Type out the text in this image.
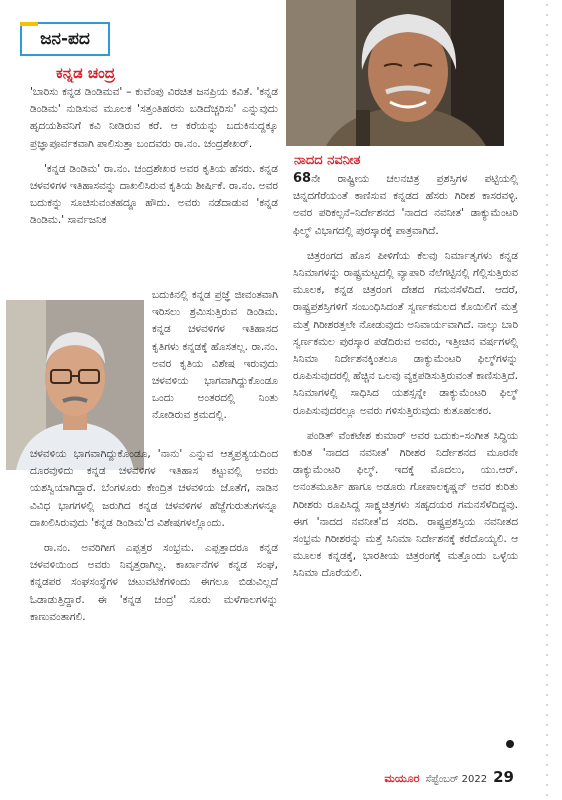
ಜನ-ಪದ
ಕನ್ನಡ ಚಂದ್ರ

'ಬಾರಿಸು ಕನ್ನಡ ಡಿಂಡಿಮವ' – ಕುವೆಂಪು ವಿರಚಿತ ಜನಪ್ರಿಯ ಕವಿತೆ. 'ಕನ್ನಡ ಡಿಂಡಿಮ' ನುಡಿಸುವ ಮೂಲಕ 'ಸತ್ತಂತಿಹರನು ಬಡಿದೆಚ್ಚರಿಸು' ಎನ್ನುವುದು ಹೃದಯಶಿವನಿಗೆ ಕವಿ ನೀಡಿರುವ ಕರೆ. ಆ ಕರೆಯನ್ನು ಬದುಕಿನುದ್ದಕ್ಕೂ ಪ್ರಜ್ಞಾಪೂರ್ವಕವಾಗಿ ಪಾಲಿಸುತ್ತಾ ಬಂದವರು ರಾ.ನಂ. ಚಂದ್ರಶೇಖರ್.

'ಕನ್ನಡ ಡಿಂಡಿಮ' ರಾ.ನಂ. ಚಂದ್ರಶೇಖರ ಅವರ ಕೃತಿಯ ಹೆಸರು. ಕನ್ನಡ ಚಳವಳಿಗಳ ಇತಿಹಾಸವನ್ನು ದಾಖಲಿಸಿರುವ ಕೃತಿಯ ಶೀರ್ಷಿಕೆ. ರಾ.ನಂ. ಅವರ ಬದುಕನ್ನು ಸೂಚಿಸುವಂತಹದ್ದೂ ಹೌದು. ಅವರು ನಡೆದಾಡುವ 'ಕನ್ನಡ ಡಿಂಡಿಮ.' ಸಾರ್ವಜನಿಕ

ಬದುಕಿನಲ್ಲಿ ಕನ್ನಡ ಪ್ರಜ್ಞೆ ಜೀವಂತವಾಗಿ ಇರಿಸಲು ಶ್ರಮಿಸುತ್ತಿರುವ ಡಿಂಡಿಮ. ಕನ್ನಡ ಚಳವಳಿಗಳ ಇತಿಹಾಸದ ಕೃತಿಗಳು ಕನ್ನಡಕ್ಕೆ ಹೊಸತಲ್ಲ. ರಾ.ನಂ. ಅವರ ಕೃತಿಯ ವಿಶೇಷ ಇರುವುದು ಚಳವಳಿಯ ಭಾಗವಾಗಿದ್ದುಕೊಂಡೂ ಒಂದು ಅಂತರದಲ್ಲಿ ನಿಂತು ನೋಡಿರುವ ಕ್ರಮದಲ್ಲಿ.

ಚಳವಳಿಯ ಭಾಗವಾಗಿದ್ದುಕೊಂಡೂ, 'ನಾನು' ಎನ್ನುವ ಆತ್ಮಪ್ರತ್ಯಯದಿಂದ ದೂರವುಳಿದು ಕನ್ನಡ ಚಳವಳಿಗಳ ಇತಿಹಾಸ ಕಟ್ಟುವಲ್ಲಿ ಅವರು ಯಶಸ್ವಿಯಾಗಿದ್ದಾರೆ. ಬೆಂಗಳೂರು ಕೇಂದ್ರಿತ ಚಳವಳಿಯ ಜೊತೆಗೆ, ನಾಡಿನ ವಿವಿಧ ಭಾಗಗಳಲ್ಲಿ ಜರುಗಿದ ಕನ್ನಡ ಚಳವಳಿಗಳ ಹೆಜ್ಜೆಗುರುತುಗಳನ್ನೂ ದಾಖಲಿಸಿರುವುದು 'ಕನ್ನಡ ಡಿಂಡಿಮ'ದ ವಿಶೇಷಗಳಲ್ಲೊಂದು.

ರಾ.ನಂ. ಅವರಿಗೀಗ ಎಪ್ಪತ್ತರ ಸಂಭ್ರಮ. ಎಪ್ಪತ್ತಾದರೂ ಕನ್ನಡ ಚಳವಳಿಯಿಂದ ಅವರು ನಿವೃತ್ತರಾಗಿಲ್ಲ. ಕಾರ್ಖಾನೆಗಳ ಕನ್ನಡ ಸಂಘ, ಕನ್ನಡಪರ ಸಂಘಸಂಸ್ಥೆಗಳ ಚಟುವಟಿಕೆಗಳಿಂದು ಈಗಲೂ ಬಿಡುವಿಲ್ಲದೆ ಓಡಾಡುತ್ತಿದ್ದಾರೆ. ಈ 'ಕನ್ನಡ ಚಂದ್ರ' ನೂರು ಮಳೆಗಾಲಗಳನ್ನು ಕಾಣುವಂತಾಗಲಿ.

ನಾದದ ನವನೀತ

68ನೇ ರಾಷ್ಟ್ರೀಯ ಚಲನಚಿತ್ರ ಪ್ರಶಸ್ತಿಗಳ ಪಟ್ಟಿಯಲ್ಲಿ ಚಿನ್ನದಗೆರೆಯಂತೆ ಕಾಣಿಸುವ ಕನ್ನಡದ ಹೆಸರು ಗಿರೀಶ ಕಾಸರವಳ್ಳಿ. ಅವರ ಪರಿಕಲ್ಪನೆ–ನಿರ್ದೇಶನದ 'ನಾದದ ನವನೀತ' ಡಾಕ್ಯುಮೆಂಟರಿ ಫಿಲ್ಮ್ ವಿಭಾಗದಲ್ಲಿ ಪುರಸ್ಕಾರಕ್ಕೆ ಪಾತ್ರವಾಗಿದೆ.

ಚಿತ್ರರಂಗದ ಹೊಸ ಪೀಳಿಗೆಯ ಕೆಲವು ನಿರ್ಮಾತೃಗಳು ಕನ್ನಡ ಸಿನಿಮಾಗಳನ್ನು ರಾಷ್ಟ್ರಮಟ್ಟದಲ್ಲಿ ವ್ಯಾಪಾರಿ ನೆಲೆಗಟ್ಟಿನಲ್ಲಿ ಗೆಲ್ಲಿಸುತ್ತಿರುವ ಮೂಲಕ, ಕನ್ನಡ ಚಿತ್ರರಂಗ ದೇಶದ ಗಮನಸೆಳೆದಿದೆ. ಆದರೆ, ರಾಷ್ಟ್ರಪ್ರಶಸ್ತಿಗಳಿಗೆ ಸಂಬಂಧಿಸಿದಂತೆ ಸ್ವರ್ಣಕಮಲದ ಕೊಯಿಲಿಗೆ ಮತ್ತೆ ಮತ್ತೆ ಗಿರೀಶರತ್ತಲೇ ನೋಡುವುದು ಅನಿವಾರ್ಯವಾಗಿದೆ. ನಾಲ್ಕು ಬಾರಿ ಸ್ವರ್ಣಕಮಲ ಪುರಸ್ಕಾರ ಪಡೆದಿರುವ ಅವರು, ಇತ್ತೀಚಿನ ವರ್ಷಗಳಲ್ಲಿ ಸಿನಿಮಾ ನಿರ್ದೇಶನಕ್ಕಿಂತಲೂ ಡಾಕ್ಯುಮೆಂಟರಿ ಫಿಲ್ಮ್‌ಗಳನ್ನು ರೂಪಿಸುವುದರಲ್ಲಿ ಹೆಚ್ಚಿನ ಒಲವು ವ್ಯಕ್ತಪಡಿಸುತ್ತಿರುವಂತೆ ಕಾಣಿಸುತ್ತಿದೆ. ಸಿನಿಮಾಗಳಲ್ಲಿ ಸಾಧಿಸಿದ ಯಶಸ್ಸನ್ನೇ ಡಾಕ್ಯುಮೆಂಟರಿ ಫಿಲ್ಮ್ ರೂಪಿಸುವುದರಲ್ಲೂ ಅವರು ಗಳಿಸುತ್ತಿರುವುದು ಕುತೂಹಲಕರ.

ಪಂಡಿತ್ ವೆಂಕಟೇಶ ಕುಮಾರ್ ಅವರ ಬದುಕು–ಸಂಗೀತ ಸಿದ್ಧಿಯ ಕುರಿತ 'ನಾದದ ನವನೀತ' ಗಿರೀಶರ ನಿರ್ದೇಶನದ ಮೂರನೇ ಡಾಕ್ಯುಮೆಂಟರಿ ಫಿಲ್ಮ್. ಇದಕ್ಕೆ ಮೊದಲು, ಯು.ಆರ್. ಅನಂತಮೂರ್ತಿ ಹಾಗೂ ಅಡೂರು ಗೋಪಾಲಕೃಷ್ಣನ್ ಅವರ ಕುರಿತು ಗಿರೀಶರು ರೂಪಿಸಿದ್ದ ಸಾಕ್ಷ್ಯಚಿತ್ರಗಳು ಸಹೃದಯರ ಗಮನಸೆಳೆದಿದ್ದವು. ಈಗ 'ನಾದದ ನವನೀತ'ದ ಸರದಿ. ರಾಷ್ಟ್ರಪ್ರಶಸ್ತಿಯ ನವನೀತದ ಸಂಭ್ರಮ ಗಿರೀಶರನ್ನು ಮತ್ತೆ ಸಿನಿಮಾ ನಿರ್ದೇಶನಕ್ಕೆ ಕರೆದೊಯ್ಯಲಿ. ಆ ಮೂಲಕ ಕನ್ನಡಕ್ಕೆ, ಭಾರತೀಯ ಚಿತ್ರರಂಗಕ್ಕೆ ಮತ್ತೊಂದು ಒಳ್ಳೆಯ ಸಿನಿಮಾ ದೊರೆಯಲಿ.

ಮಯೂರ ಸೆಪ್ಟೆಂಬರ್ 2022 29
